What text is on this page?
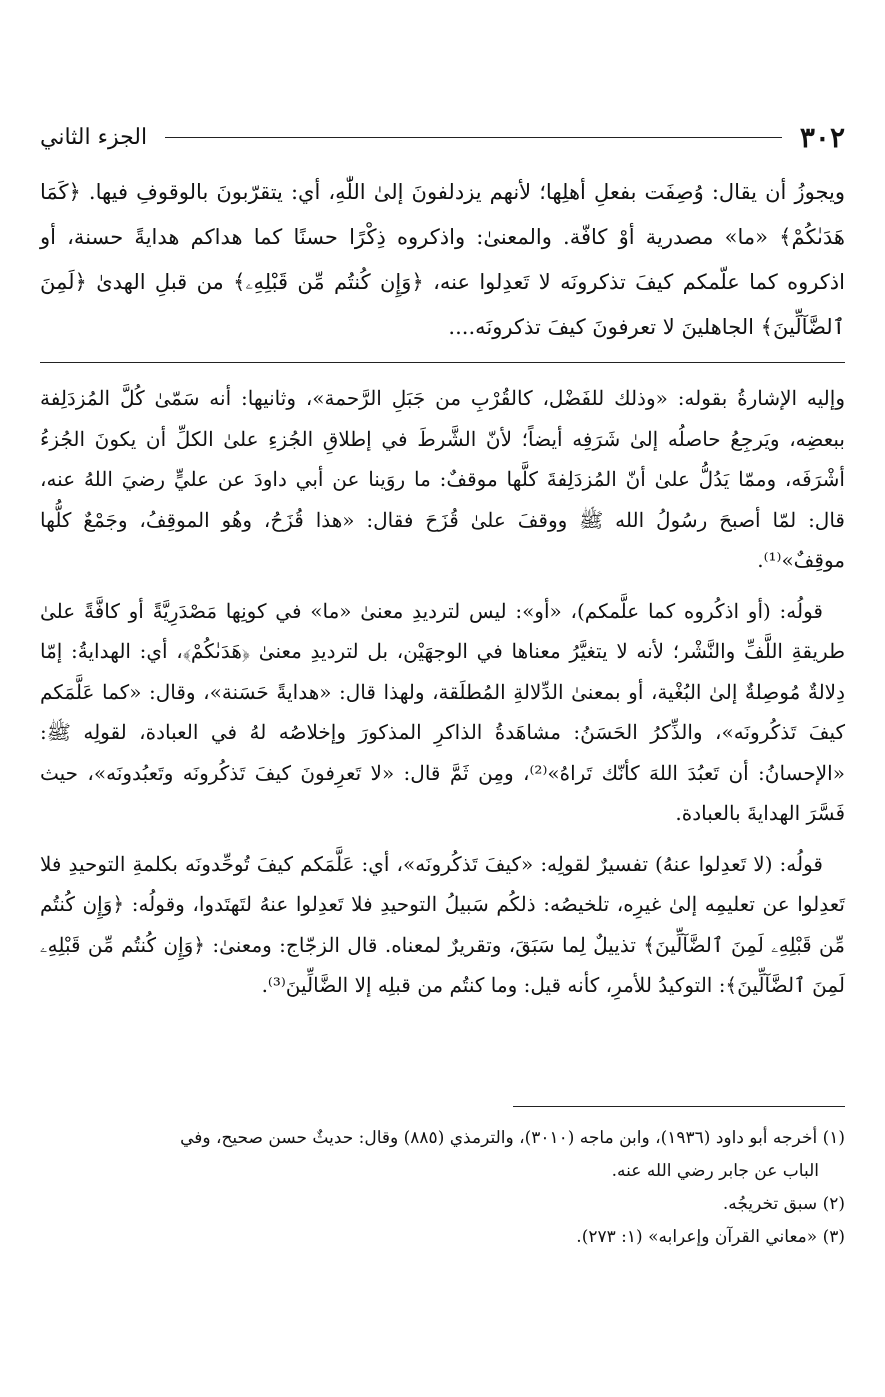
٣٠٢
الجزء الثاني
ويجوزُ أن يقال: وُصِفَت بفعلِ أهلِها؛ لأنهم يزدلفونَ إلىٰ اللّٰهِ، أي: يتقرّبونَ بالوقوفِ فيها. ﴿كَمَا هَدَىٰكُمْ﴾ «ما» مصدرية أوْ كافّة. والمعنىٰ: واذكروه ذِكْرًا حسنًا كما هداكم هدايةً حسنة، أو اذكروه كما علّمكم كيفَ تذكرونَه لا تَعدِلوا عنه، ﴿وَإِن كُنتُم مِّن قَبْلِهِۦ﴾ من قبلِ الهدىٰ ﴿لَمِنَ ٱلضَّآلِّينَ﴾ الجاهلينَ لا تعرفونَ كيفَ تذكرونَه....

وإليه الإشارةُ بقوله: «وذلك للفَضْل، كالقُرْبِ من جَبَلِ الرَّحمة»، وثانيها: أنه سَمّىٰ كُلَّ المُزدَلِفة ببعضِه، ويَرجِعُ حاصلُه إلىٰ شَرَفِه أيضاً؛ لأنّ الشَّرطَ في إطلاقِ الجُزءِ علىٰ الكلِّ أن يكونَ الجُزءُ أشْرَفَه، وممّا يَدُلُّ علىٰ أنّ المُزدَلِفةَ كلَّها موقفٌ: ما روَينا عن أبي داودَ عن عليٍّ رضيَ اللهُ عنه، قال: لمّا أصبحَ رسُولُ الله ﷺ ووقفَ علىٰ قُزَحَ فقال: «هذا قُزَحُ، وهُو الموقِفُ، وجَمْعٌ كلُّها موقِفٌ»⁽¹⁾.

قولُه: (أو اذكُروه كما علَّمكم)، «أو»: ليس لترديدِ معنىٰ «ما» في كونِها مَصْدَرِيَّةً أو كافَّةً علىٰ طريقةِ اللَّفِّ والنَّشْر؛ لأنه لا يتغيَّرُ معناها في الوجهَيْن، بل لترديدِ معنىٰ ﴿هَدَىٰكُمْ﴾، أي: الهدايةُ: إمّا دِلالةٌ مُوصِلةٌ إلىٰ البُغْية، أو بمعنىٰ الدِّلالةِ المُطلَقة، ولهذا قال: «هدايةً حَسَنة»، وقال: «كما عَلَّمَكم كيفَ تَذكُرونَه»، والذِّكرُ الحَسَنُ: مشاهَدةُ الذاكرِ المذكورَ وإخلاصُه لهُ في العبادة، لقولِه ﷺ: «الإحسانُ: أن تَعبُدَ اللهَ كأنّك تَراهُ»⁽²⁾، ومِن ثَمَّ قال: «لا تَعرِفونَ كيفَ تَذكُرونَه وتَعبُدونَه»، حيث فَسَّرَ الهدايةَ بالعبادة.

قولُه: (لا تَعدِلوا عنهُ) تفسيرٌ لقولِه: «كيفَ تَذكُرونَه»، أي: عَلَّمَكم كيفَ تُوحِّدونَه بكلمةِ التوحيدِ فلا تَعدِلوا عن تعليمِه إلىٰ غيرِه، تلخيصُه: ذلكُم سَبيلُ التوحيدِ فلا تَعدِلوا عنهُ لتَهتَدوا، وقولُه: ﴿وَإِن كُنتُم مِّن قَبْلِهِۦ لَمِنَ ٱلضَّآلِّينَ﴾ تذييلٌ لِما سَبَقَ، وتقريرٌ لمعناه. قال الزجّاج: ومعنىٰ: ﴿وَإِن كُنتُم مِّن قَبْلِهِۦ لَمِنَ ٱلضَّآلِّينَ﴾: التوكيدُ للأمرِ، كأنه قيل: وما كنتُم من قبلِه إلا الضَّالِّينَ⁽³⁾.

(١) أخرجه أبو داود (١٩٣٦)، وابن ماجه (٣٠١٠)، والترمذي (٨٨٥) وقال: حديثٌ حسن صحيح، وفي

الباب عن جابر رضي الله عنه.

(٢) سبق تخريجُه.

(٣) «معاني القرآن وإعرابه» (١: ٢٧٣).
